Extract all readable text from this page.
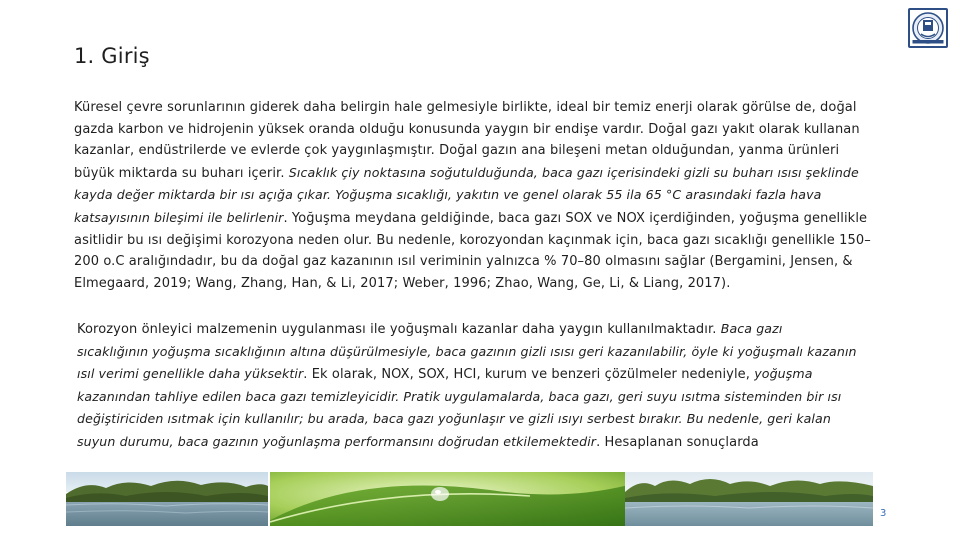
1. Giriş

Küresel çevre sorunlarının giderek daha belirgin hale gelmesiyle birlikte, ideal bir temiz enerji olarak görülse de, doğal gazda karbon ve hidrojenin yüksek oranda olduğu konusunda yaygın bir endişe vardır. Doğal gazı yakıt olarak kullanan kazanlar, endüstrilerde ve evlerde çok yaygınlaşmıştır. Doğal gazın ana bileşeni metan olduğundan, yanma ürünleri büyük miktarda su buharı içerir. Sıcaklık çiy noktasına soğutulduğunda, baca gazı içerisindeki gizli su buharı ısısı şeklinde kayda değer miktarda bir ısı açığa çıkar. Yoğuşma sıcaklığı, yakıtın ve genel olarak 55 ila 65 °C arasındaki fazla hava katsayısının bileşimi ile belirlenir. Yoğuşma meydana geldiğinde, baca gazı SOX ve NOX içerdiğinden, yoğuşma genellikle asitlidir bu ısı değişimi korozyona neden olur. Bu nedenle, korozyondan kaçınmak için, baca gazı sıcaklığı genellikle 150–200 o.C aralığındadır, bu da doğal gaz kazanının ısıl veriminin yalnızca % 70–80 olmasını sağlar (Bergamini, Jensen, & Elmegaard, 2019; Wang, Zhang, Han, & Li, 2017; Weber, 1996; Zhao, Wang, Ge, Li, & Liang, 2017).

Korozyon önleyici malzemenin uygulanması ile yoğuşmalı kazanlar daha yaygın kullanılmaktadır. Baca gazı sıcaklığının yoğuşma sıcaklığının altına düşürülmesiyle, baca gazının gizli ısısı geri kazanılabilir, öyle ki yoğuşmalı kazanın ısıl verimi genellikle daha yüksektir. Ek olarak, NOX, SOX, HCI, kurum ve benzeri çözülmeler nedeniyle, yoğuşma kazanından tahliye edilen baca gazı temizleyicidir. Pratik uygulamalarda, baca gazı, geri suyu ısıtma sisteminden bir ısı değiştiriciden ısıtmak için kullanılır; bu arada, baca gazı yoğunlaşır ve gizli ısıyı serbest bırakır. Bu nedenle, geri kalan suyun durumu, baca gazının yoğunlaşma performansını doğrudan etkilemektedir. Hesaplanan sonuçlarda

3
